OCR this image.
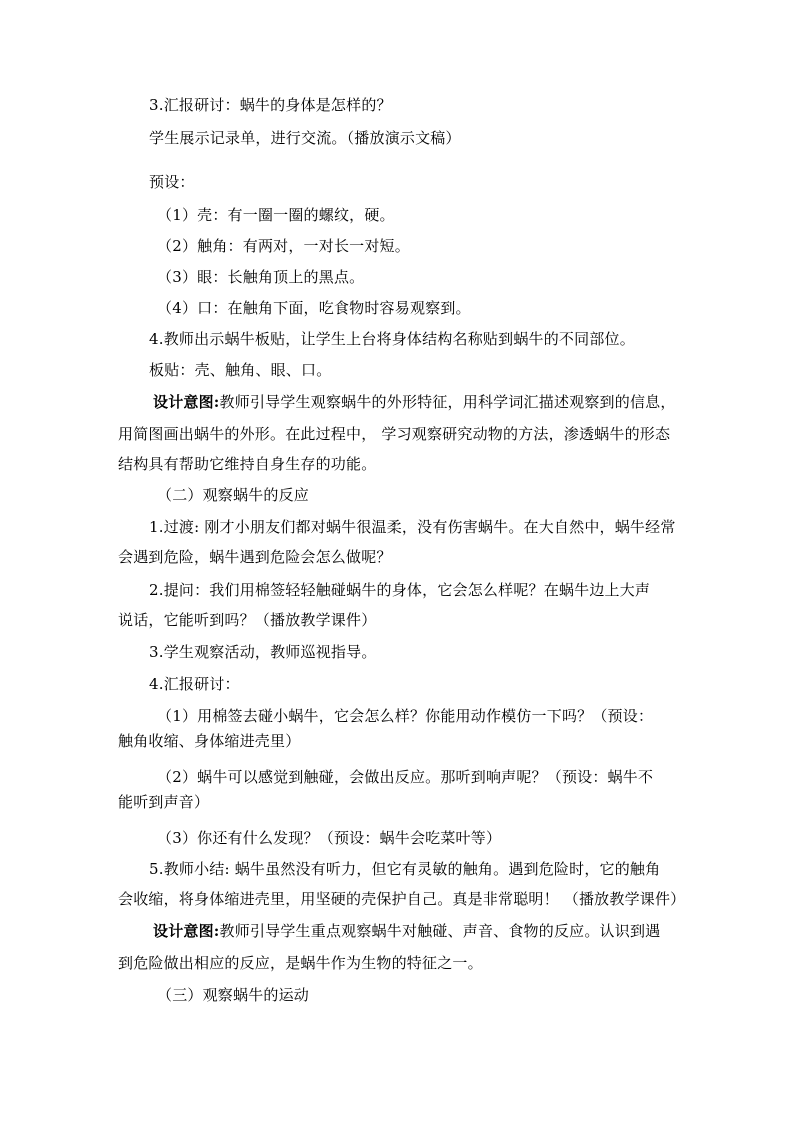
3.汇报研讨：蜗牛的身体是怎样的？
学生展示记录单，进行交流。（播放演示文稿）
预设：
（1）壳：有一圈一圈的螺纹，硬。
（2）触角：有两对，一对长一对短。
（3）眼：长触角顶上的黑点。
（4）口：在触角下面，吃食物时容易观察到。
4.教师出示蜗牛板贴，让学生上台将身体结构名称贴到蜗牛的不同部位。
板贴：壳、触角、眼、口。
设计意图:教师引导学生观察蜗牛的外形特征，用科学词汇描述观察到的信息，
用简图画出蜗牛的外形。在此过程中， 学习观察研究动物的方法，渗透蜗牛的形态
结构具有帮助它维持自身生存的功能。
（二）观察蜗牛的反应
1.过渡: 刚才小朋友们都对蜗牛很温柔，没有伤害蜗牛。在大自然中，蜗牛经常
会遇到危险，蜗牛遇到危险会怎么做呢？
2.提问：我们用棉签轻轻触碰蜗牛的身体，它会怎么样呢？在蜗牛边上大声
说话，它能听到吗？（播放教学课件）
3.学生观察活动，教师巡视指导。
4.汇报研讨：
（1）用棉签去碰小蜗牛，它会怎么样？你能用动作模仿一下吗？（预设：
触角收缩、身体缩进壳里）
（2）蜗牛可以感觉到触碰，会做出反应。那听到响声呢？（预设：蜗牛不
能听到声音）
（3）你还有什么发现？（预设：蜗牛会吃菜叶等）
5.教师小结: 蜗牛虽然没有听力，但它有灵敏的触角。遇到危险时，它的触角
会收缩，将身体缩进壳里，用坚硬的壳保护自己。真是非常聪明！ （播放教学课件）
设计意图:教师引导学生重点观察蜗牛对触碰、声音、食物的反应。认识到遇
到危险做出相应的反应，是蜗牛作为生物的特征之一。
（三）观察蜗牛的运动
